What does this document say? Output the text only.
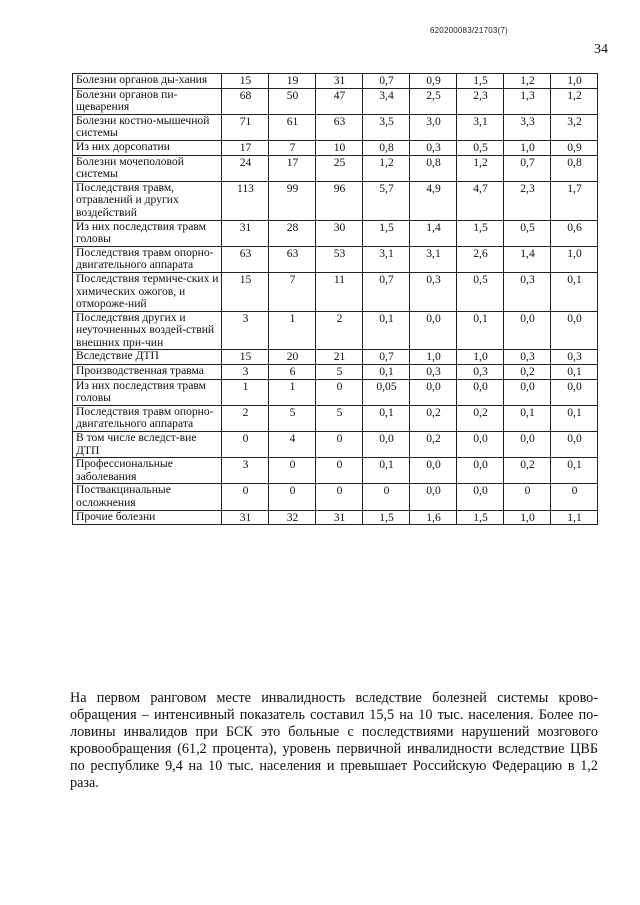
620200083/21703(7)
34
Болезни органов ды-хания	15	19	31	0,7	0,9	1,5	1,2	1,0
Болезни органов пи-щеварения	68	50	47	3,4	2,5	2,3	1,3	1,2
Болезни костно-мышечной системы	71	61	63	3,5	3,0	3,1	3,3	3,2
Из них дорсопатии	17	7	10	0,8	0,3	0,5	1,0	0,9
Болезни мочеполовой системы	24	17	25	1,2	0,8	1,2	0,7	0,8
Последствия травм, отравлений и других воздействий	113	99	96	5,7	4,9	4,7	2,3	1,7
Из них последствия травм головы	31	28	30	1,5	1,4	1,5	0,5	0,6
Последствия травм опорно-двигательного аппарата	63	63	53	3,1	3,1	2,6	1,4	1,0
Последствия термиче-ских и химических ожогов, и отмороже-ний	15	7	11	0,7	0,3	0,5	0,3	0,1
Последствия других и неуточненных воздей-ствий внешних при-чин	3	1	2	0,1	0,0	0,1	0,0	0,0
Вследствие ДТП	15	20	21	0,7	1,0	1,0	0,3	0,3
Производственная травма	3	6	5	0,1	0,3	0,3	0,2	0,1
Из них последствия травм головы	1	1	0	0,05	0,0	0,0	0,0	0,0
Последствия травм опорно-двигательного аппарата	2	5	5	0,1	0,2	0,2	0,1	0,1
В том числе вследст-вие ДТП	0	4	0	0,0	0,2	0,0	0,0	0,0
Профессиональные заболевания	3	0	0	0,1	0,0	0,0	0,2	0,1
Поствакцинальные осложнения	0	0	0	0	0,0	0,0	0	0
Прочие болезни	31	32	31	1,5	1,6	1,5	1,0	1,1
На первом ранговом месте инвалидность вследствие болезней системы крово-обращения – интенсивный показатель составил 15,5 на 10 тыс. населения. Более по-ловины инвалидов при БСК это больные с последствиями нарушений мозгового кровообращения (61,2 процента), уровень первичной инвалидности вследствие ЦВБ по республике 9,4 на 10 тыс. населения и превышает Российскую Федерацию в 1,2 раза.
